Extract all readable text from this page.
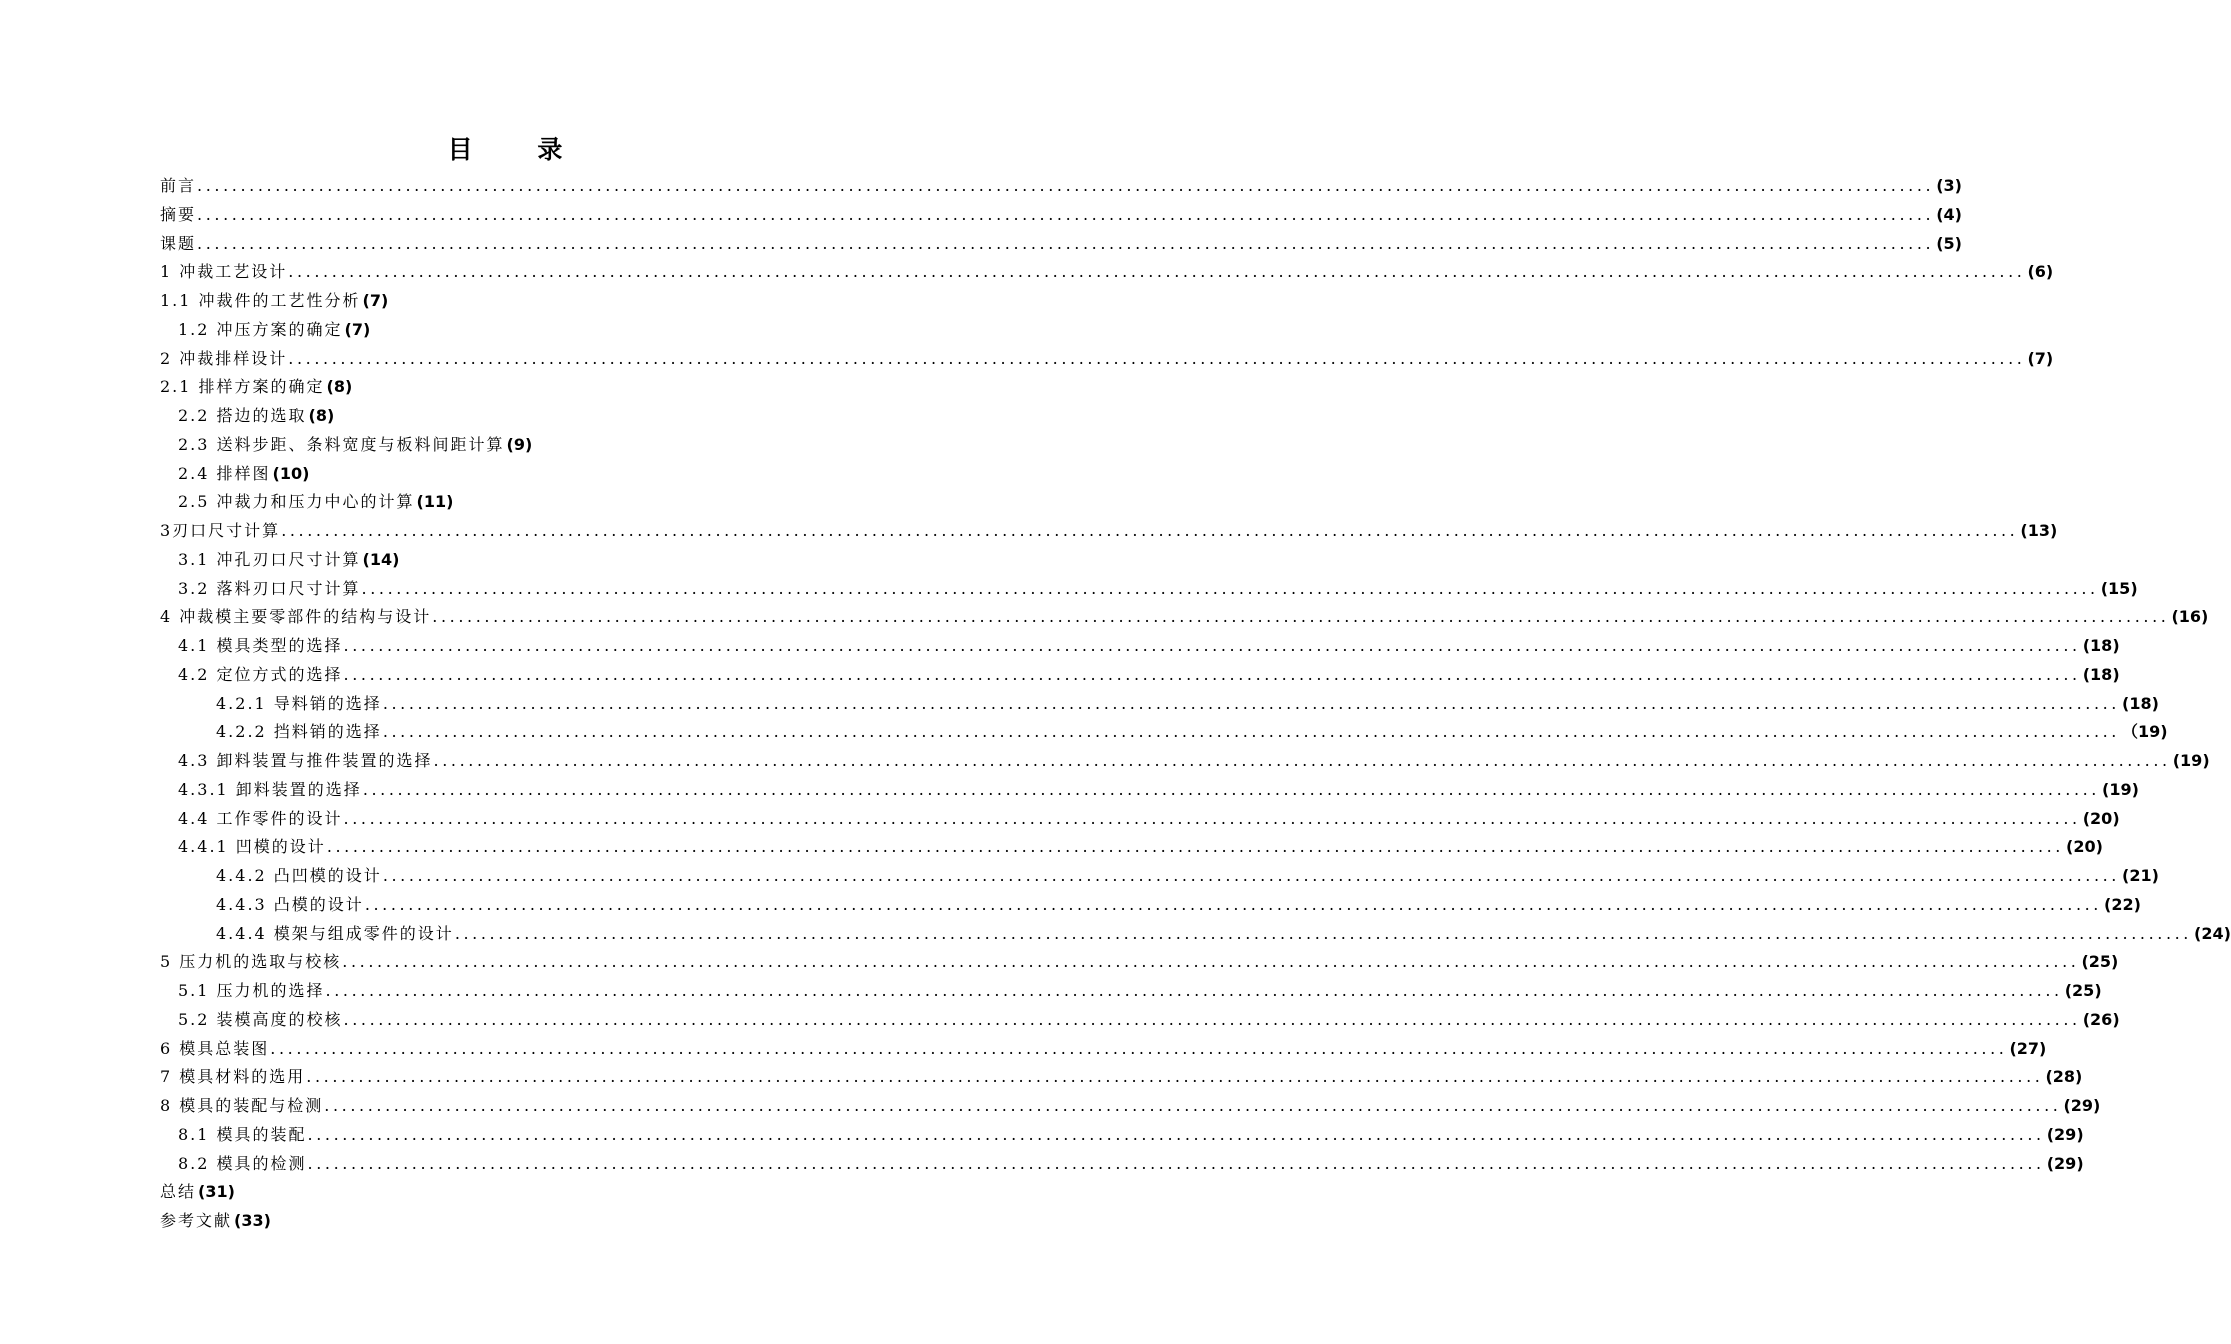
目 录
前言 ........................................................................................................................................................................................................ (3)
摘要 ........................................................................................................................................................................................................ (4)
课题 ........................................................................................................................................................................................................ (5)
1 冲裁工艺设计 ........................................................................................................................................................................................................ (6)
1.1 冲裁件的工艺性分析 (7)
1.2 冲压方案的确定 (7)
2 冲裁排样设计 ........................................................................................................................................................................................................ (7)
2.1 排样方案的确定 (8)
2.2 搭边的选取 (8)
2.3 送料步距、条料宽度与板料间距计算 (9)
2.4 排样图 (10)
2.5 冲裁力和压力中心的计算 (11)
3刃口尺寸计算 ........................................................................................................................................................................................................ (13)
3.1 冲孔刃口尺寸计算 (14)
3.2 落料刃口尺寸计算 ........................................................................................................................................................................................................ (15)
4 冲裁模主要零部件的结构与设计 ........................................................................................................................................................................................................ (16)
4.1 模具类型的选择 ........................................................................................................................................................................................................ (18)
4.2 定位方式的选择 ........................................................................................................................................................................................................ (18)
4.2.1 导料销的选择 ........................................................................................................................................................................................................ (18)
4.2.2 挡料销的选择 ........................................................................................................................................................................................................ （19)
4.3 卸料装置与推件装置的选择 ........................................................................................................................................................................................................ (19)
4.3.1 卸料装置的选择 ........................................................................................................................................................................................................ (19)
4.4 工作零件的设计 ........................................................................................................................................................................................................ (20)
4.4.1 凹模的设计 ........................................................................................................................................................................................................ (20)
4.4.2 凸凹模的设计 ........................................................................................................................................................................................................ (21)
4.4.3 凸模的设计 ........................................................................................................................................................................................................ (22)
4.4.4 模架与组成零件的设计 ........................................................................................................................................................................................................ (24)
5 压力机的选取与校核 ........................................................................................................................................................................................................ (25)
5.1 压力机的选择 ........................................................................................................................................................................................................ (25)
5.2 装模高度的校核 ........................................................................................................................................................................................................ (26)
6 模具总装图 ........................................................................................................................................................................................................ (27)
7 模具材料的选用 ........................................................................................................................................................................................................ (28)
8 模具的装配与检测 ........................................................................................................................................................................................................ (29)
8.1 模具的装配 ........................................................................................................................................................................................................ (29)
8.2 模具的检测 ........................................................................................................................................................................................................ (29)
总结 (31)
参考文献 (33)
